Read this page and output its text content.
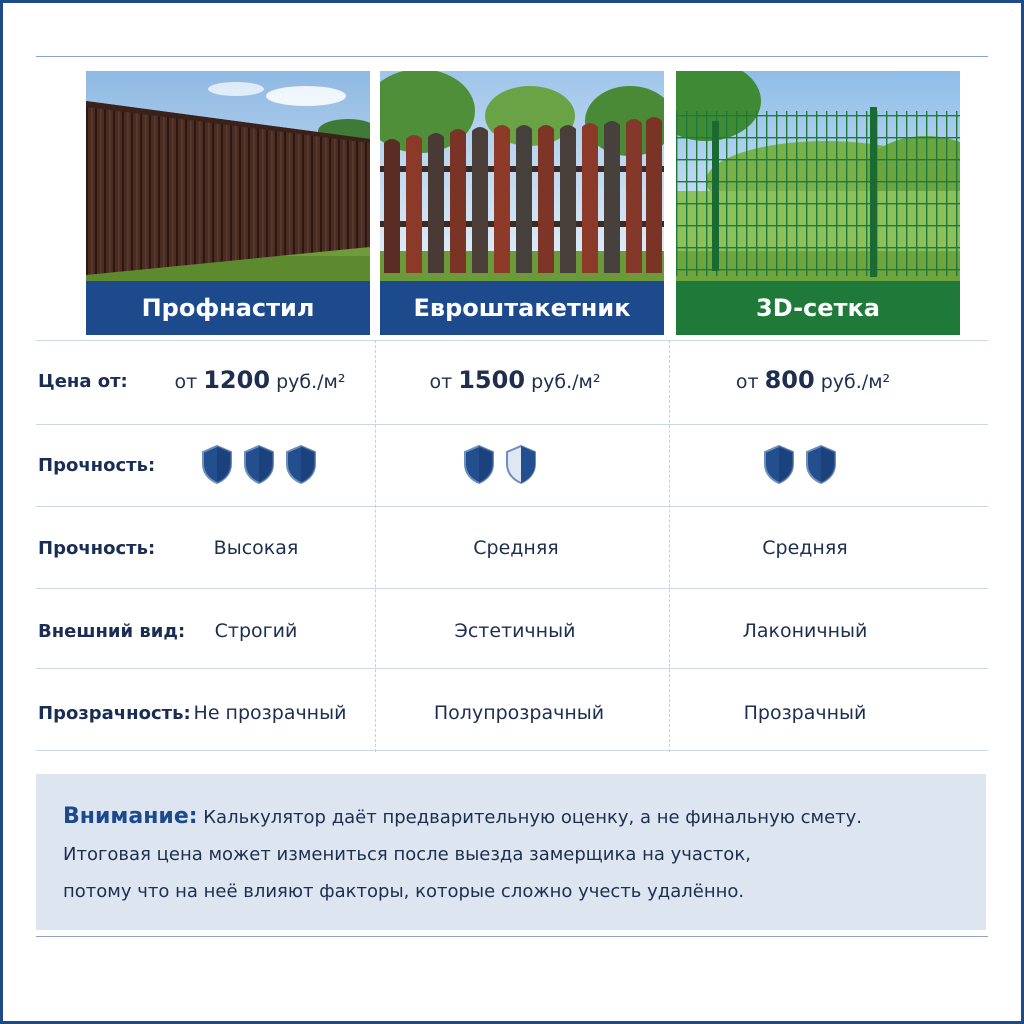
Профнастил	Евроштакетник	3D-сетка
Цена от:	от 1200 руб./м²	от 1500 руб./м²	от 800 руб./м²
Прочность:
Прочность:	Высокая	Средняя	Средняя
Внешний вид:	Строгий	Эстетичный	Лаконичный
Прозрачность: Не прозрачный	Полупрозрачный	Прозрачный
Внимание: Калькулятор даёт предварительную оценку, а не финальную смету.
Итоговая цена может измениться после выезда замерщика на участок,
потому что на неё влияют факторы, которые сложно учесть удалённо.
